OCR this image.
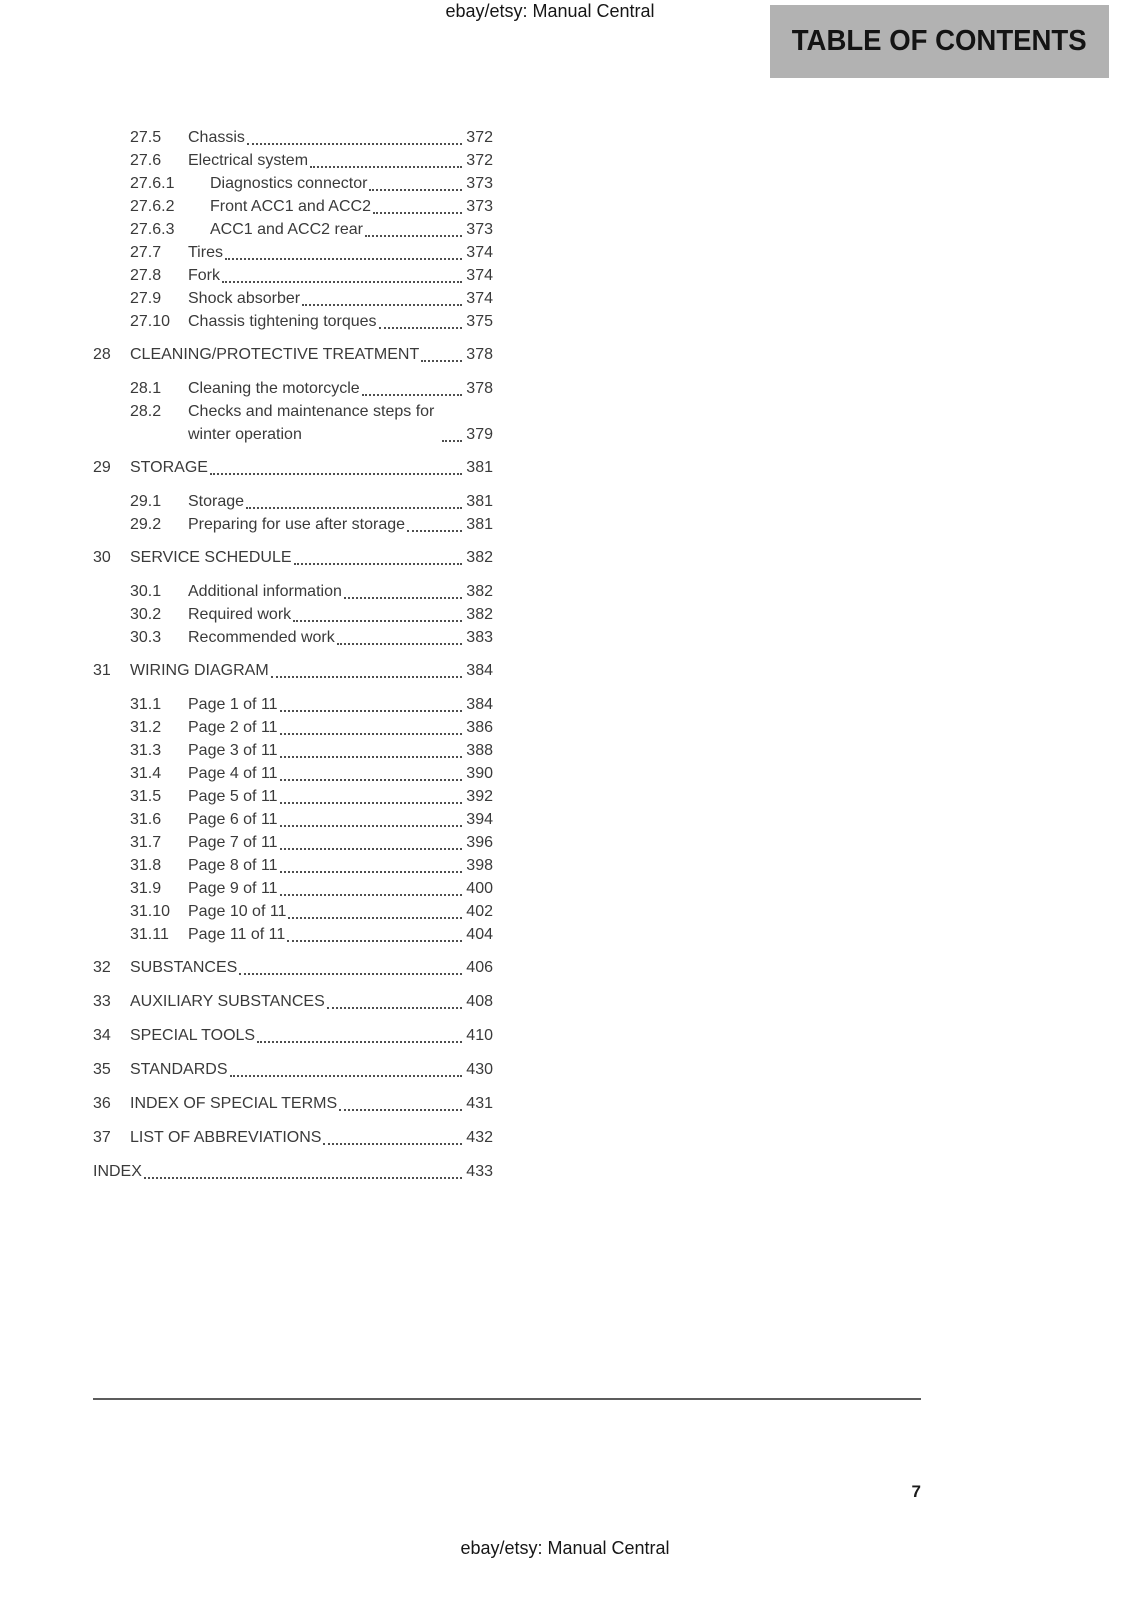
ebay/etsy: Manual Central
TABLE OF CONTENTS
27.5	Chassis	372
27.6	Electrical system	372
27.6.1	Diagnostics connector	373
27.6.2	Front ACC1 and ACC2	373
27.6.3	ACC1 and ACC2 rear	373
27.7	Tires	374
27.8	Fork	374
27.9	Shock absorber	374
27.10	Chassis tightening torques	375
28	CLEANING/PROTECTIVE TREATMENT	378
28.1	Cleaning the motorcycle	378
28.2	Checks and maintenance steps for winter operation	379
29	STORAGE	381
29.1	Storage	381
29.2	Preparing for use after storage	381
30	SERVICE SCHEDULE	382
30.1	Additional information	382
30.2	Required work	382
30.3	Recommended work	383
31	WIRING DIAGRAM	384
31.1	Page 1 of 11	384
31.2	Page 2 of 11	386
31.3	Page 3 of 11	388
31.4	Page 4 of 11	390
31.5	Page 5 of 11	392
31.6	Page 6 of 11	394
31.7	Page 7 of 11	396
31.8	Page 8 of 11	398
31.9	Page 9 of 11	400
31.10	Page 10 of 11	402
31.11	Page 11 of 11	404
32	SUBSTANCES	406
33	AUXILIARY SUBSTANCES	408
34	SPECIAL TOOLS	410
35	STANDARDS	430
36	INDEX OF SPECIAL TERMS	431
37	LIST OF ABBREVIATIONS	432
INDEX	433
7
ebay/etsy: Manual Central
